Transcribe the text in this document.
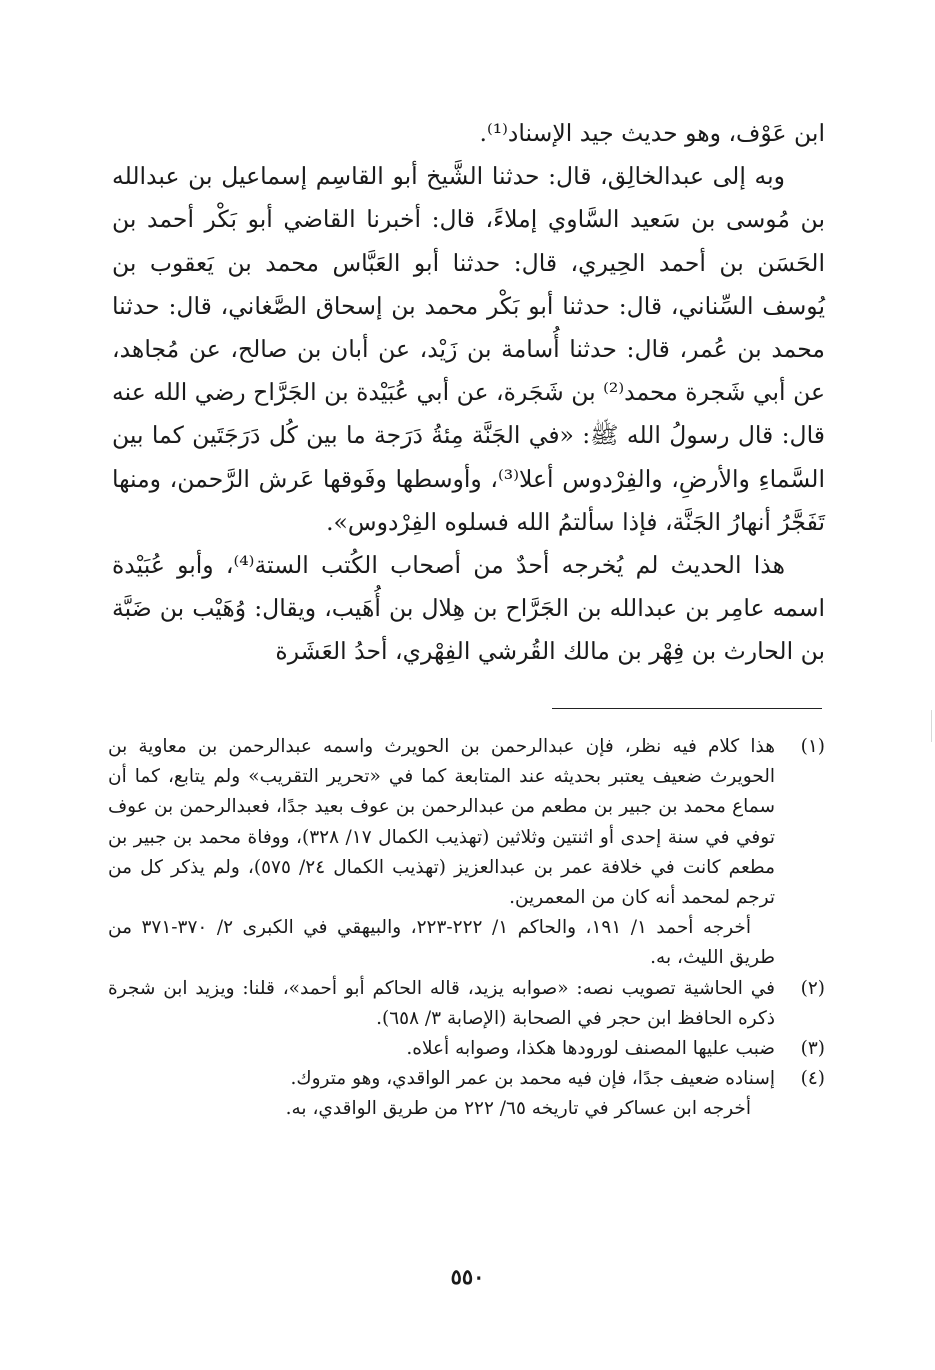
ابن عَوْف، وهو حديث جيد الإسناد⁽¹⁾.

وبه إلى عبدالخالِق، قال: حدثنا الشَّيخ أبو القاسِم إسماعيل بن عبدالله بن مُوسى بن سَعيد السَّاوي إملاءً، قال: أخبرنا القاضي أبو بَكْر أحمد بن الحَسَن بن أحمد الحِيري، قال: حدثنا أبو العَبَّاس محمد بن يَعقوب بن يُوسف السِّناني، قال: حدثنا أبو بَكْر محمد بن إسحاق الصَّغاني، قال: حدثنا محمد بن عُمر، قال: حدثنا أُسامة بن زَيْد، عن أبان بن صالح، عن مُجاهد، عن أبي شَجرة محمد⁽²⁾ بن شَجَرة، عن أبي عُبَيْدة بن الجَرَّاح رضي الله عنه قال: قال رسولُ الله ﷺ: «في الجَنَّة مِئةُ دَرَجة ما بين كُل دَرَجَتَين كما بين السَّماءِ والأرضِ، والفِرْدوس أعلا⁽³⁾، وأوسطها وفَوقها عَرش الرَّحمن، ومنها تَفَجَّرُ أنهارُ الجَنَّة، فإذا سألتمُ الله فسلوه الفِرْدوس».

هذا الحديث لم يُخرجه أحدٌ من أصحاب الكُتب الستة⁽⁴⁾، وأبو عُبَيْدة اسمه عامِر بن عبدالله بن الجَرَّاح بن هِلال بن أُهَيب، ويقال: وُهَيْب بن ضَبَّة بن الحارث بن فِهْر بن مالك القُرشي الفِهْري، أحدُ العَشَرة

(١)
هذا كلام فيه نظر، فإن عبدالرحمن بن الحويرث واسمه عبدالرحمن بن معاوية بن الحويرث ضعيف يعتبر بحديثه عند المتابعة كما في «تحرير التقريب» ولم يتابع، كما أن سماع محمد بن جبير بن مطعم من عبدالرحمن بن عوف بعيد جدًا، فعبدالرحمن بن عوف توفي في سنة إحدى أو اثنتين وثلاثين (تهذيب الكمال ١٧/ ٣٢٨)، ووفاة محمد بن جبير بن مطعم كانت في خلافة عمر بن عبدالعزيز (تهذيب الكمال ٢٤/ ٥٧٥)، ولم يذكر كل من ترجم لمحمد أنه كان من المعمرين.
أخرجه أحمد ١/ ١٩١، والحاكم ١/ ٢٢٢-٢٢٣، والبيهقي في الكبرى ٢/ ٣٧٠-٣٧١ من طريق الليث، به.
(٢)
في الحاشية تصويب نصه: «صوابه يزيد، قاله الحاكم أبو أحمد»، قلنا: ويزيد ابن شجرة ذكره الحافظ ابن حجر في الصحابة (الإصابة ٣/ ٦٥٨).
(٣)
ضبب عليها المصنف لورودها هكذا، وصوابه أعلاه.
(٤)
إسناده ضعيف جدًا، فإن فيه محمد بن عمر الواقدي، وهو متروك.
أخرجه ابن عساكر في تاريخه ٦٥/ ٢٢٢ من طريق الواقدي، به.
٥٥٠
